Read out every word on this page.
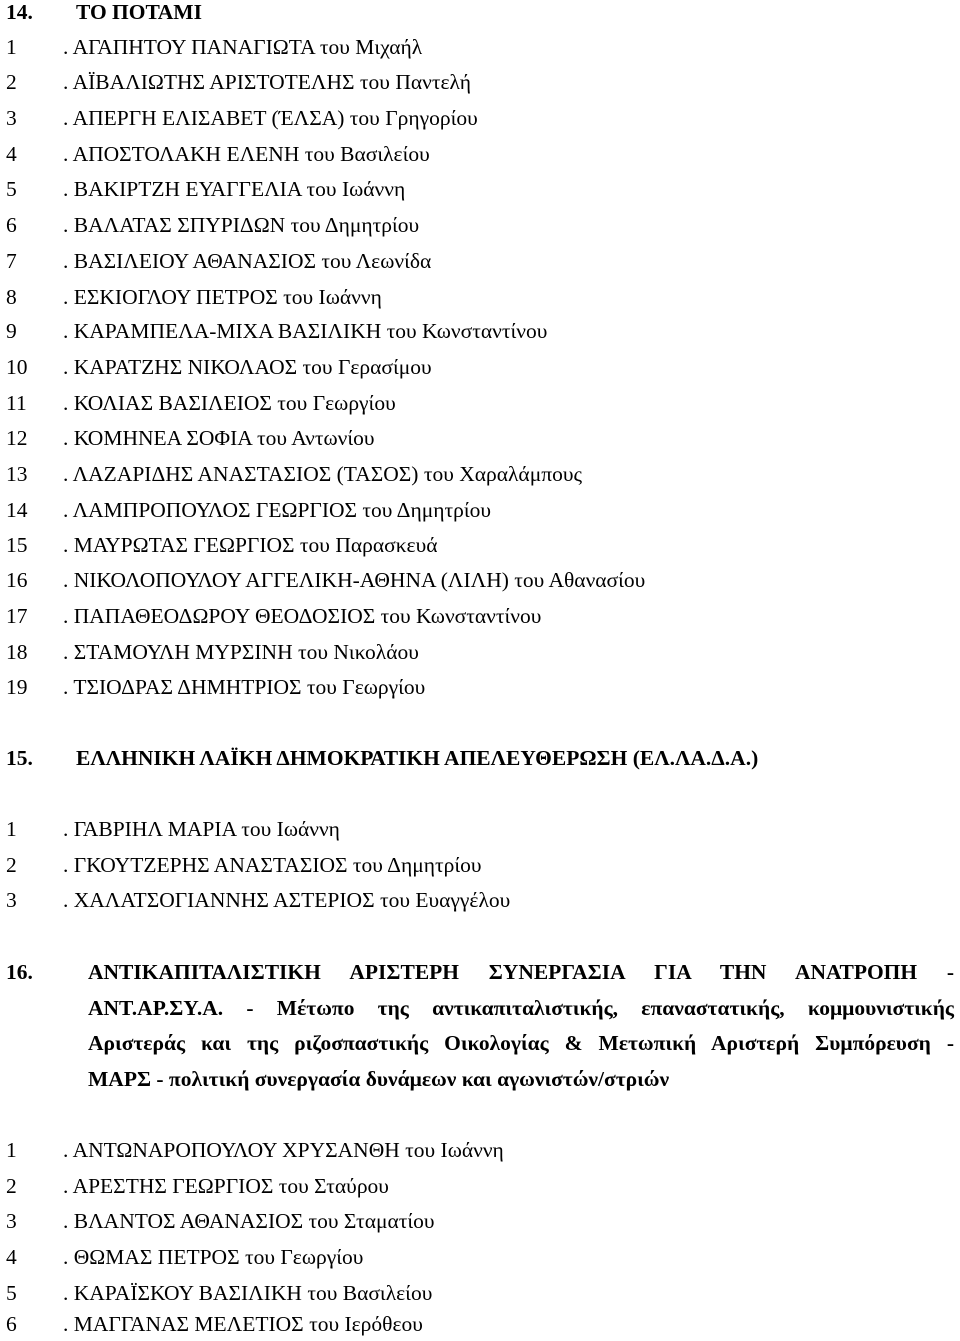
14. ΤΟ ΠΟΤΑΜΙ
1 . ΑΓΑΠΗΤΟΥ ΠΑΝΑΓΙΩΤΑ του Μιχαήλ
2 . ΑΪΒΑΛΙΩΤΗΣ ΑΡΙΣΤΟΤΕΛΗΣ του Παντελή
3 . ΑΠΕΡΓΗ ΕΛΙΣΑΒΕΤ (ΈΛΣΑ) του Γρηγορίου
4 . ΑΠΟΣΤΟΛΑΚΗ ΕΛΕΝΗ του Βασιλείου
5 . ΒΑΚΙΡΤΖΗ ΕΥΑΓΓΕΛΙΑ του Ιωάννη
6 . ΒΑΛΑΤΑΣ ΣΠΥΡΙΔΩΝ του Δημητρίου
7 . ΒΑΣΙΛΕΙΟΥ ΑΘΑΝΑΣΙΟΣ του Λεωνίδα
8 . ΕΣΚΙΟΓΛΟΥ ΠΕΤΡΟΣ του Ιωάννη
9 . ΚΑΡΑΜΠΕΛΑ-ΜΙΧΑ ΒΑΣΙΛΙΚΗ του Κωνσταντίνου
10 . ΚΑΡΑΤΖΗΣ ΝΙΚΟΛΑΟΣ του Γερασίμου
11 . ΚΟΛΙΑΣ ΒΑΣΙΛΕΙΟΣ του Γεωργίου
12 . ΚΟΜΗΝΕΑ ΣΟΦΙΑ του Αντωνίου
13 . ΛΑΖΑΡΙΔΗΣ ΑΝΑΣΤΑΣΙΟΣ (ΤΑΣΟΣ) του Χαραλάμπους
14 . ΛΑΜΠΡΟΠΟΥΛΟΣ ΓΕΩΡΓΙΟΣ του Δημητρίου
15 . ΜΑΥΡΩΤΑΣ ΓΕΩΡΓΙΟΣ του Παρασκευά
16 . ΝΙΚΟΛΟΠΟΥΛΟΥ ΑΓΓΕΛΙΚΗ-ΑΘΗΝΑ (ΛΙΛΗ) του Αθανασίου
17 . ΠΑΠΑΘΕΟΔΩΡΟΥ ΘΕΟΔΟΣΙΟΣ του Κωνσταντίνου
18 . ΣΤΑΜΟΥΛΗ ΜΥΡΣΙΝΗ του Νικολάου
19 . ΤΣΙΟΔΡΑΣ ΔΗΜΗΤΡΙΟΣ του Γεωργίου
15. ΕΛΛΗΝΙΚΗ ΛΑΪΚΗ ΔΗΜΟΚΡΑΤΙΚΗ ΑΠΕΛΕΥΘΕΡΩΣΗ (ΕΛ.ΛΑ.Δ.Α.)
1 . ΓΑΒΡΙΗΛ ΜΑΡΙΑ του Ιωάννη
2 . ΓΚΟΥΤΖΕΡΗΣ ΑΝΑΣΤΑΣΙΟΣ του Δημητρίου
3 . ΧΑΛΑΤΣΟΓΙΑΝΝΗΣ ΑΣΤΕΡΙΟΣ του Ευαγγέλου
16.	ΑΝΤΙΚΑΠΙΤΑΛΙΣΤΙΚΗ ΑΡΙΣΤΕΡΗ ΣΥΝΕΡΓΑΣΙΑ ΓΙΑ ΤΗΝ ΑΝΑΤΡΟΠΗ -
ΑΝΤ.ΑΡ.ΣΥ.Α. - Μέτωπο της αντικαπιταλιστικής, επαναστατικής, κομμουνιστικής
Αριστεράς και της ριζοσπαστικής Οικολογίας & Μετωπική Αριστερή Συμπόρευση -
ΜΑΡΣ - πολιτική συνεργασία δυνάμεων και αγωνιστών/στριών
1 . ΑΝΤΩΝΑΡΟΠΟΥΛΟΥ ΧΡΥΣΑΝΘΗ του Ιωάννη
2 . ΑΡΕΣΤΗΣ ΓΕΩΡΓΙΟΣ του Σταύρου
3 . ΒΛΑΝΤΟΣ ΑΘΑΝΑΣΙΟΣ του Σταματίου
4 . ΘΩΜΑΣ ΠΕΤΡΟΣ του Γεωργίου
5 . ΚΑΡΑΪΣΚΟΥ ΒΑΣΙΛΙΚΗ του Βασιλείου
6 . ΜΑΓΓΑΝΑΣ ΜΕΛΕΤΙΟΣ του Ιερόθεου
